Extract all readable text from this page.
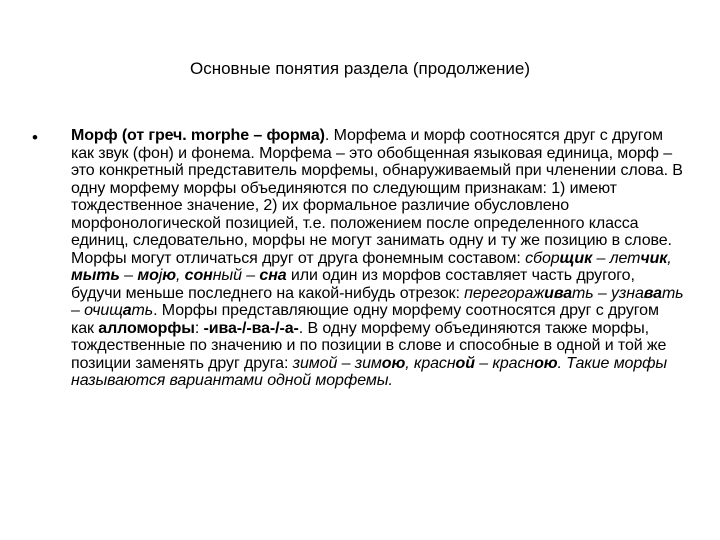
Основные понятия раздела (продолжение)
• Морф (от греч. morphe – форма). Морфема и морф соотносятся друг с другом как звук (фон) и фонема. Морфема – это обобщенная языковая единица, морф – это конкретный представитель морфемы, обнаруживаемый при членении слова. В одну морфему морфы объединяются по следующим признакам: 1) имеют тождественное значение, 2) их формальное различие обусловлено морфонологической позицией, т.е. положением после определенного класса единиц, следовательно, морфы не могут занимать одну и ту же позицию в слове. Морфы могут отличаться друг от друга фонемным составом: сборщик – летчик, мыть – моjю, сонный – сна или один из морфов составляет часть другого, будучи меньше последнего на какой-нибудь отрезок: перегораживать – узнавать – очищать. Морфы представляющие одну морфему соотносятся друг с другом как алломорфы: -ива-/-ва-/-а-. В одну морфему объединяются также морфы, тождественные по значению и по позиции в слове и способные в одной и той же позиции заменять друг друга: зимой – зимою, красной – красною. Такие морфы называются вариантами одной морфемы.
